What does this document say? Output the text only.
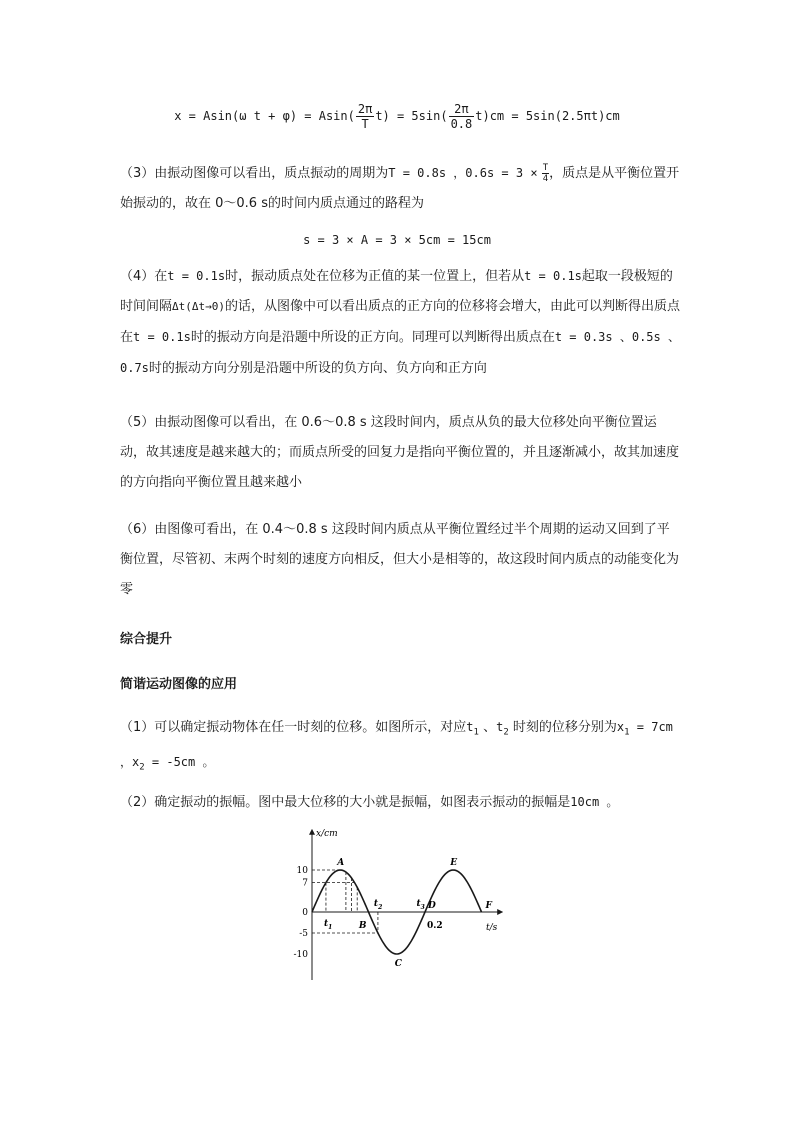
x = Asin(ω $t + \varphi) = Asin( \frac{2\pi}{T} t) = 5\sin( \frac{2\pi}{0.8} t)cm = 5\sin(2.5\pi t)cm$
（3）由振动图像可以看出，质点振动的周期为T = 0.8s ，$0.6s = 3 \times \frac{T}{4}$ ，质点是从平衡位置开始振动的，故在 0～0.6 s的时间内质点通过的路程为
s = 3 × A = 3 × 5cm = 15cm
（4）在t = 0.1s时，振动质点处在位移为正值的某一位置上，但若从t = 0.1s起取一段极短的时间间隔Δt(Δt→0)的话，从图像中可以看出质点的正方向的位移将会增大，由此可以判断得出质点在t = 0.1s时的振动方向是沿题中所设的正方向。同理可以判断得出质点在t = 0.3s 、0.5s 、0.7s时的振动方向分别是沿题中所设的负方向、负方向和正方向
（5）由振动图像可以看出，在 0.6～0.8 s 这段时间内，质点从负的最大位移处向平衡位置运动，故其速度是越来越大的；而质点所受的回复力是指向平衡位置的，并且逐渐减小，故其加速度的方向指向平衡位置且越来越小
（6）由图像可看出，在 0.4～0.8 s 这段时间内质点从平衡位置经过半个周期的运动又回到了平衡位置，尽管初、末两个时刻的速度方向相反，但大小是相等的，故这段时间内质点的动能变化为零
综合提升
简谐运动图像的应用
（1）可以确定振动物体在任一时刻的位移。如图所示，对应$t_1$ 、$t_2$ 时刻的位移分别为$x_1 = 7cm$ ，$x_2 = -5cm$ 。
（2）确定振动的振幅。图中最大位移的大小就是振幅，如图表示振动的振幅是10cm 。
x/cm
t/s
10
7
0
-5
-10
0.2
A
B
C
D
E
F
$t_1$
$t_2$	$t_3$
